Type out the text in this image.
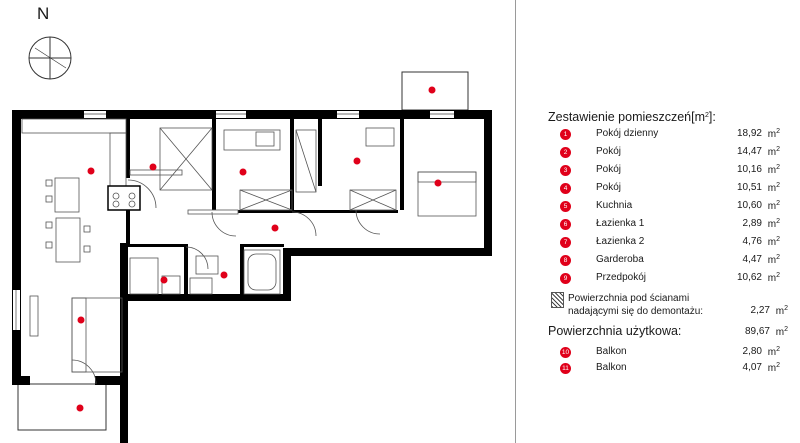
N
Zestawienie $pomieszczeń[m^2]$:
1	Pokój dzienny	18,92 $m^2$
2	Pokój	14,47 $m^2$
3	Pokój	10,16 $m^2$
4	Pokój	10,51 $m^2$
5	Kuchnia	10,60 $m^2$
6	Łazienka 1	2,89 $m^2$
7	Łazienka 2	4,76 $m^2$
8	Garderoba	4,47 $m^2$
9	Przedpokój	10,62 $m^2$
Powierzchnia pod ścianami nadającymi się do demontażu:	2,27 $m^2$
Powierzchnia użytkowa:	89,67 $m^2$
10	Balkon	2,80 $m^2$
11	Balkon	4,07 $m^2$
